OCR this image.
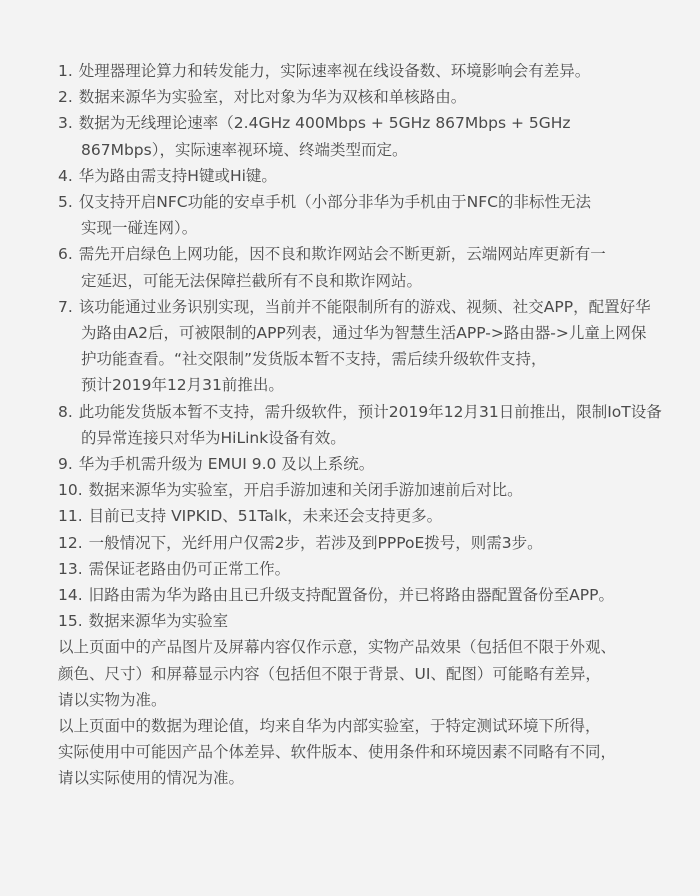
1. 处理器理论算力和转发能力，实际速率视在线设备数、环境影响会有差异。
2. 数据来源华为实验室，对比对象为华为双核和单核路由。
3. 数据为无线理论速率（2.4GHz 400Mbps + 5GHz 867Mbps + 5GHz
867Mbps），实际速率视环境、终端类型而定。
4. 华为路由需支持H键或Hi键。
5. 仅支持开启NFC功能的安卓手机（小部分非华为手机由于NFC的非标性无法
实现一碰连网）。
6. 需先开启绿色上网功能，因不良和欺诈网站会不断更新，云端网站库更新有一
定延迟，可能无法保障拦截所有不良和欺诈网站。
7. 该功能通过业务识别实现，当前并不能限制所有的游戏、视频、社交APP，配置好华
为路由A2后，可被限制的APP列表，通过华为智慧生活APP->路由器->儿童上网保
护功能查看。“社交限制”发货版本暂不支持，需后续升级软件支持，
预计2019年12月31前推出。
8. 此功能发货版本暂不支持，需升级软件，预计2019年12月31日前推出，限制IoT设备
的异常连接只对华为HiLink设备有效。
9. 华为手机需升级为 EMUI 9.0 及以上系统。
10. 数据来源华为实验室，开启手游加速和关闭手游加速前后对比。
11. 目前已支持 VIPKID、51Talk，未来还会支持更多。
12. 一般情况下，光纤用户仅需2步，若涉及到PPPoE拨号，则需3步。
13. 需保证老路由仍可正常工作。
14. 旧路由需为华为路由且已升级支持配置备份，并已将路由器配置备份至APP。
15. 数据来源华为实验室
以上页面中的产品图片及屏幕内容仅作示意，实物产品效果（包括但不限于外观、
颜色、尺寸）和屏幕显示内容（包括但不限于背景、UI、配图）可能略有差异，
请以实物为准。
以上页面中的数据为理论值，均来自华为内部实验室，于特定测试环境下所得，
实际使用中可能因产品个体差异、软件版本、使用条件和环境因素不同略有不同，
请以实际使用的情况为准。
